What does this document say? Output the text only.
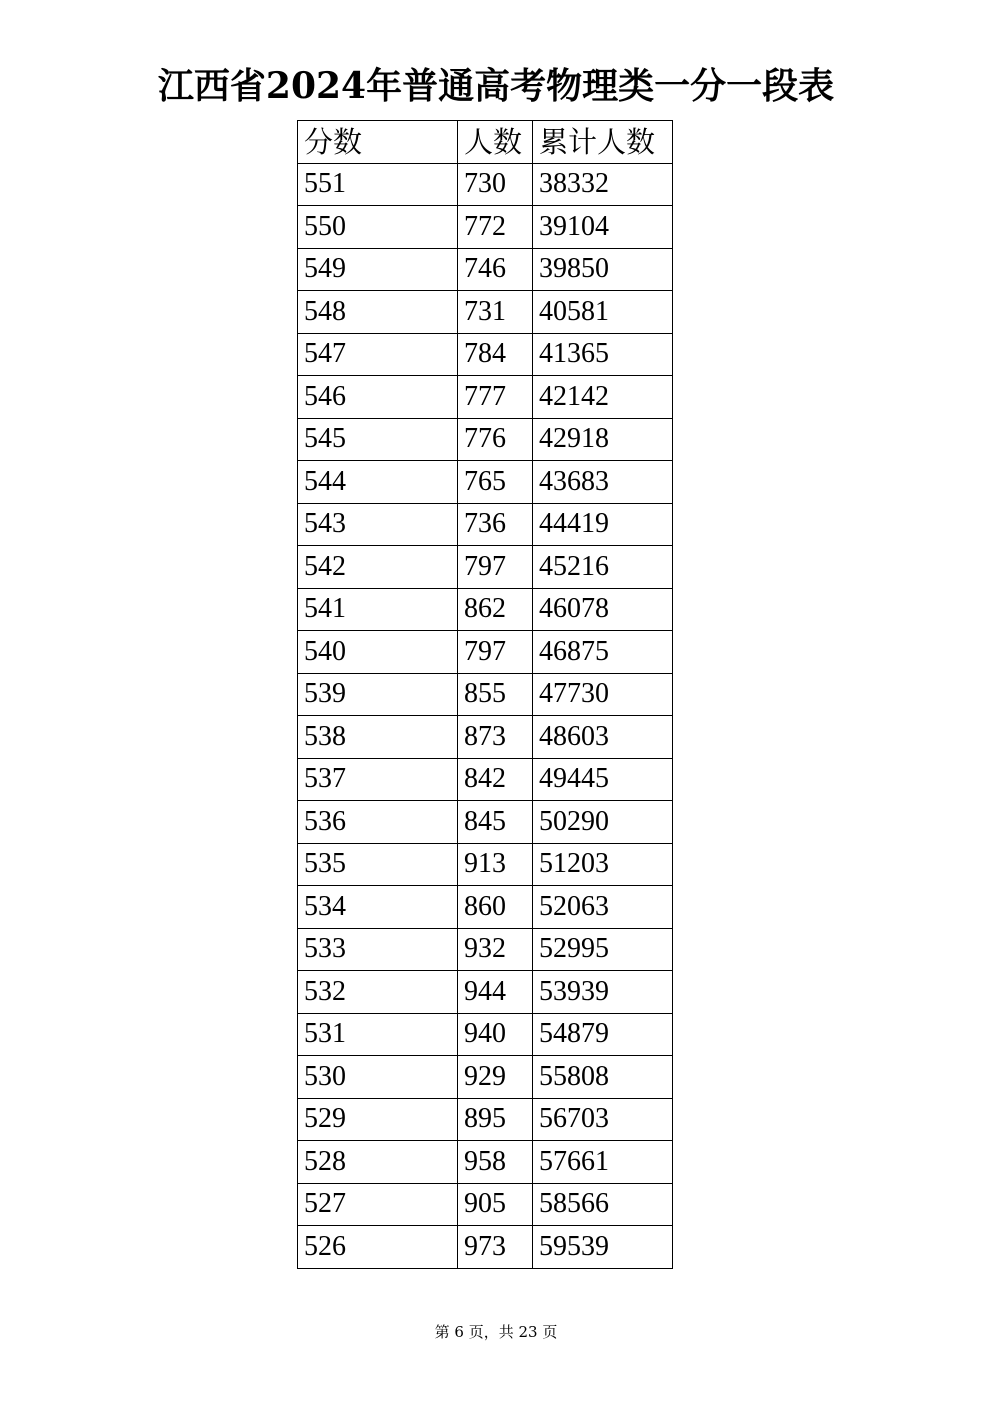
江西省2024年普通高考物理类一分一段表
分数	人数	累计人数
551	730	38332
550	772	39104
549	746	39850
548	731	40581
547	784	41365
546	777	42142
545	776	42918
544	765	43683
543	736	44419
542	797	45216
541	862	46078
540	797	46875
539	855	47730
538	873	48603
537	842	49445
536	845	50290
535	913	51203
534	860	52063
533	932	52995
532	944	53939
531	940	54879
530	929	55808
529	895	56703
528	958	57661
527	905	58566
526	973	59539
第 6 页，共 23 页
